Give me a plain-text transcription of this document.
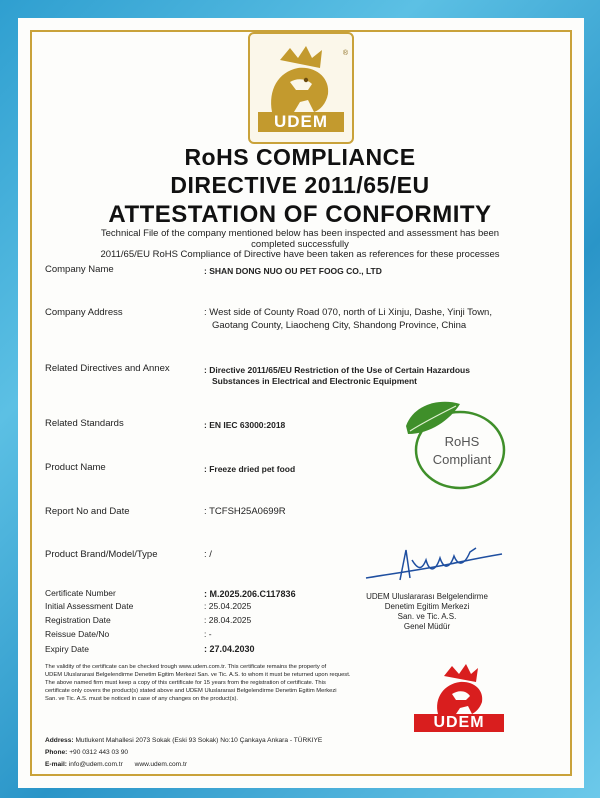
®
UDEM
RoHS COMPLIANCE
DIRECTIVE 2011/65/EU
ATTESTATION OF CONFORMITY
Technical File of the company mentioned below has been inspected and assessment has been
completed successfully
2011/65/EU RoHS Compliance of Directive have been taken as references for these processes
Company Name	: SHAN DONG NUO OU PET FOOG CO., LTD
Company Address	: West side of County Road 070, north of Li Xinju, Dashe, Yinji Town,
Gaotang County, Liaocheng City, Shandong Province, China
Related Directives and Annex	: Directive 2011/65/EU Restriction of the Use of Certain Hazardous
Substances in Electrical and Electronic Equipment
Related Standards	: EN IEC 63000:2018
Product Name	: Freeze dried pet food
Report No and Date	: TCFSH25A0699R
Product Brand/Model/Type	: /
Certificate Number	: M.2025.206.C117836
Initial Assessment Date	: 25.04.2025
Registration Date	: 28.04.2025
Reissue Date/No	: -
Expiry Date	: 27.04.2030
RoHS
Compliant
UDEM Uluslararası Belgelendirme
Denetim Egitim Merkezi
San. ve Tic. A.S.
Genel Müdür
The validity of the certificate can be checked trough www.udem.com.tr. This certificate remains the property of
UDEM Uluslararasi Belgelendirme Denetim Egitim Merkezi San. ve Tic. A.S. to whom it must be returned upon request.
The above named firm must keep a copy of this certificate for 15 years from the registration of certificate. This
certificate only covers the product(s) stated above and UDEM Uluslararasi Belgelendirme Denetim Egitim Merkezi
San. ve Tic. A.S. must be noticed in case of any changes on the product(s).
UDEM
Address: Mutlukent Mahallesi 2073 Sokak (Eski 93 Sokak) No:10 Çankaya Ankara - TÜRKIYE
Phone: +90 0312 443 03 90
E-mail: info@udem.com.tr www.udem.com.tr
